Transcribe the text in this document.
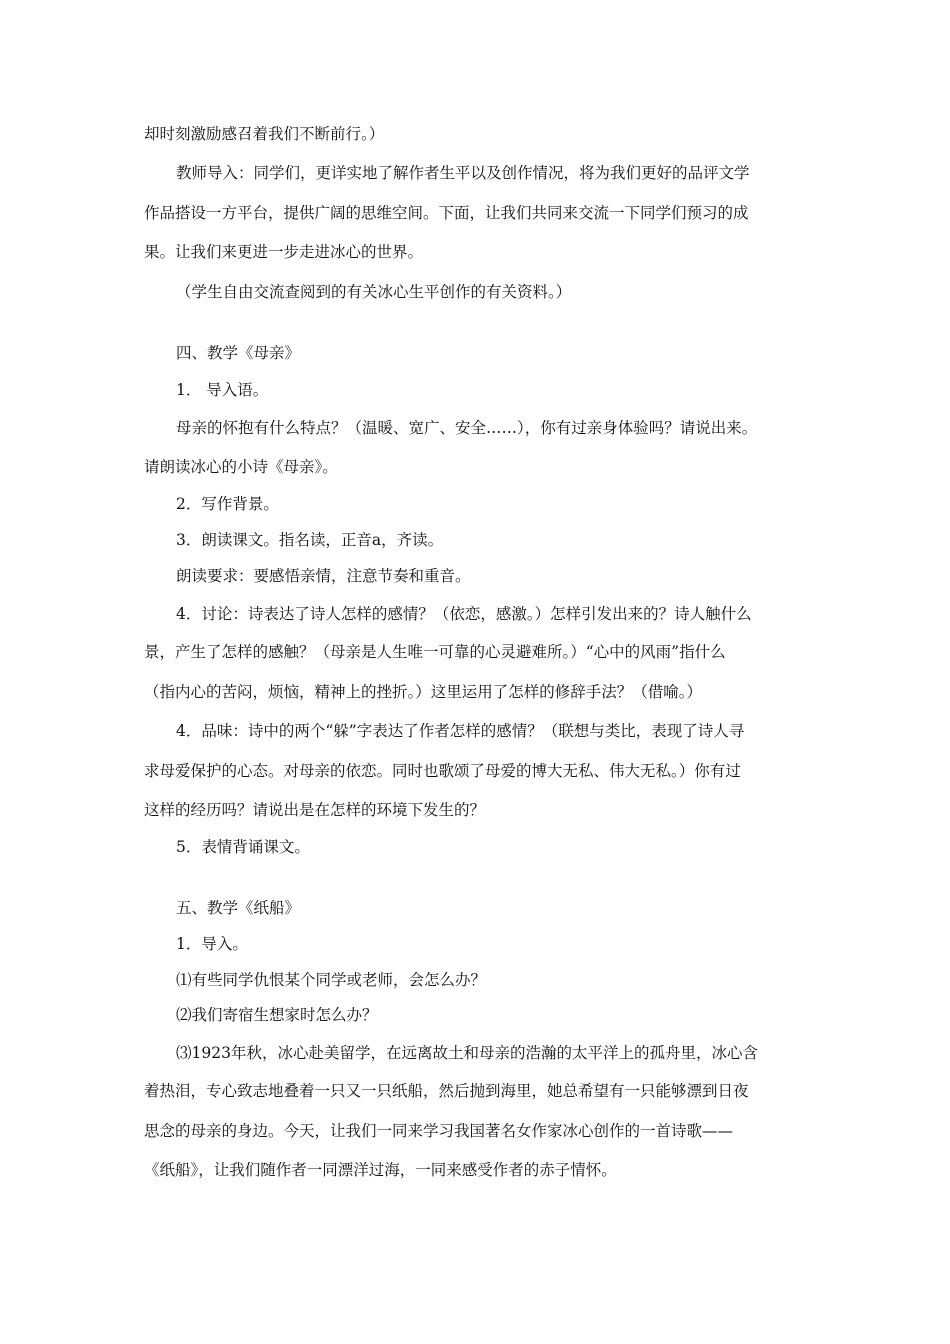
却时刻激励感召着我们不断前行。）
教师导入：同学们，更详实地了解作者生平以及创作情况，将为我们更好的品评文学
作品搭设一方平台，提供广阔的思维空间。下面，让我们共同来交流一下同学们预习的成
果。让我们来更进一步走进冰心的世界。
（学生自由交流查阅到的有关冰心生平创作的有关资料。）
四、教学《母亲》
1． 导入语。
母亲的怀抱有什么特点？（温暖、宽广、安全……），你有过亲身体验吗？请说出来。
请朗读冰心的小诗《母亲》。
2．写作背景。
3．朗读课文。指名读，正音a，齐读。
朗读要求：要感悟亲情，注意节奏和重音。
4．讨论：诗表达了诗人怎样的感情？（依恋，感激。）怎样引发出来的？诗人触什么
景，产生了怎样的感触？（母亲是人生唯一可靠的心灵避难所。）“心中的风雨”指什么
（指内心的苦闷，烦恼，精神上的挫折。）这里运用了怎样的修辞手法？（借喻。）
4．品味：诗中的两个“躲”字表达了作者怎样的感情？（联想与类比，表现了诗人寻
求母爱保护的心态。对母亲的依恋。同时也歌颂了母爱的博大无私、伟大无私。）你有过
这样的经历吗？请说出是在怎样的环境下发生的？
5．表情背诵课文。
五、教学《纸船》
1．导入。
⑴有些同学仇恨某个同学或老师，会怎么办？
⑵我们寄宿生想家时怎么办？
⑶1923年秋，冰心赴美留学，在远离故土和母亲的浩瀚的太平洋上的孤舟里，冰心含
着热泪，专心致志地叠着一只又一只纸船，然后抛到海里，她总希望有一只能够漂到日夜
思念的母亲的身边。今天，让我们一同来学习我国著名女作家冰心创作的一首诗歌——
《纸船》，让我们随作者一同漂洋过海，一同来感受作者的赤子情怀。
